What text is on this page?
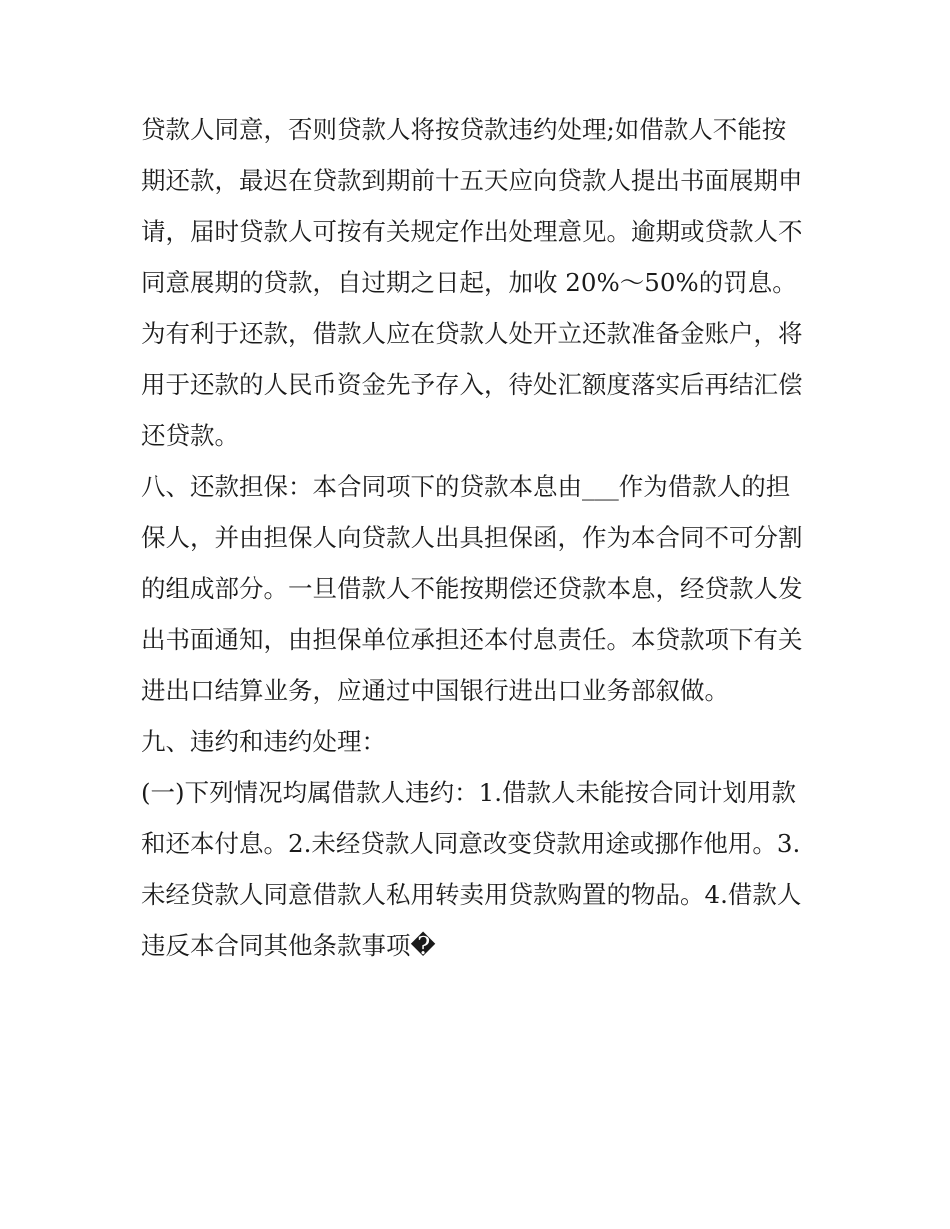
贷款人同意，否则贷款人将按贷款违约处理;如借款人不能按
期还款，最迟在贷款到期前十五天应向贷款人提出书面展期申
请，届时贷款人可按有关规定作出处理意见。逾期或贷款人不
同意展期的贷款，自过期之日起，加收 20%～50%的罚息。
为有利于还款，借款人应在贷款人处开立还款准备金账户，将
用于还款的人民币资金先予存入，待处汇额度落实后再结汇偿
还贷款。
八、还款担保：本合同项下的贷款本息由___作为借款人的担
保人，并由担保人向贷款人出具担保函，作为本合同不可分割
的组成部分。一旦借款人不能按期偿还贷款本息，经贷款人发
出书面通知，由担保单位承担还本付息责任。本贷款项下有关
进出口结算业务，应通过中国银行进出口业务部叙做。
九、违约和违约处理：
(一)下列情况均属借款人违约：1.借款人未能按合同计划用款
和还本付息。2.未经贷款人同意改变贷款用途或挪作他用。3.
未经贷款人同意借款人私用转卖用贷款购置的物品。4.借款人
违反本合同其他条款事项�
